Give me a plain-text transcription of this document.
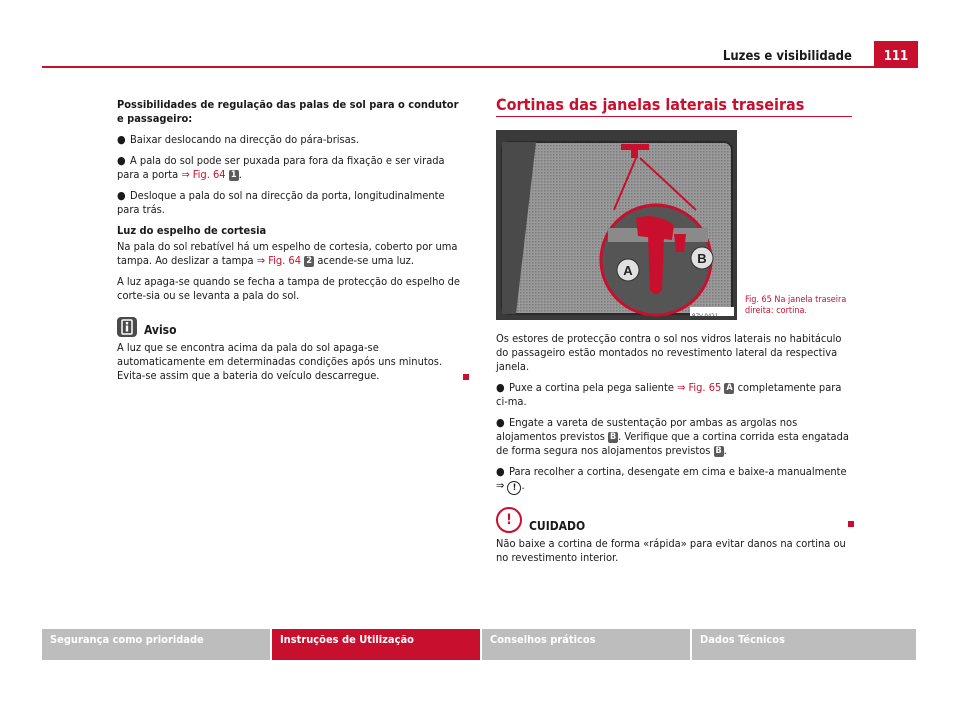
Luzes e visibilidade	111

Possibilidades de regulação das palas de sol para o condutor e passageiro:

● Baixar deslocando na direcção do pára-brisas.

● A pala do sol pode ser puxada para fora da fixação e ser virada para a porta ⇒ Fig. 64 1 .

● Desloque a pala do sol na direcção da porta, longitudinalmente para trás.

Luz do espelho de cortesia

Na pala do sol rebatível há um espelho de cortesia, coberto por uma tampa. Ao deslizar a tampa ⇒ Fig. 64 2 acende-se uma luz.

A luz apaga-se quando se fecha a tampa de protecção do espelho de corte-sia ou se levanta a pala do sol.

Aviso

A luz que se encontra acima da pala do sol apaga-se automaticamente em determinadas condições após uns minutos. Evita-se assim que a bateria do veículo descarregue.

Cortinas das janelas laterais traseiras
A
B
B7V-0421
Fig. 65 Na janela traseira direita: cortina.

Os estores de protecção contra o sol nos vidros laterais no habitáculo do passageiro estão montados no revestimento lateral da respectiva janela.

● Puxe a cortina pela pega saliente ⇒ Fig. 65 A completamente para ci-ma.

● Engate a vareta de sustentação por ambas as argolas nos alojamentos previstos B . Verifique que a cortina corrida esta engatada de forma segura nos alojamentos previstos B .

● Para recolher a cortina, desengate em cima e baixe-a manualmente
⇒ ! .

!	CUIDADO

Não baixe a cortina de forma «rápida» para evitar danos na cortina ou no revestimento interior.

Segurança como prioridade	Instruções de Utilização	Conselhos práticos	Dados Técnicos
